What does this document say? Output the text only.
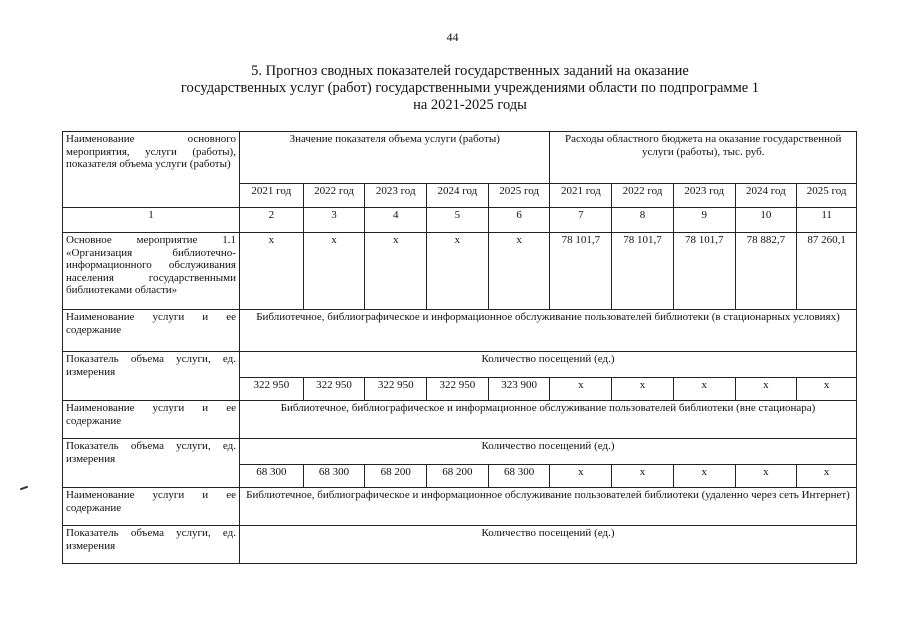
44
5. Прогноз сводных показателей государственных заданий на оказание
государственных услуг (работ) государственными учреждениями области по подпрограмме 1
на 2021-2025 годы
Наименование основного мероприятия, услуги (работы), показателя объема услуги (работы)	Значение показателя объема услуги (работы)					Расходы областного бюджета на оказание государственной услуги (работы), тыс. руб.				
	2021 год	2022 год	2023 год	2024 год	2025 год	2021 год	2022 год	2023 год	2024 год	2025 год
1	2	3	4	5	6	7	8	9	10	11
Основное мероприятие 1.1 «Организация библиотечно-информационного обслуживания населения государственными библиотеками области»	x	x	x	x	x	78 101,7	78 101,7	78 101,7	78 882,7	87 260,1
Наименование услуги и ее содержание	Библиотечное, библиографическое и информационное обслуживание пользователей библиотеки (в стационарных условиях)									
Показатель объема услуги, ед. измерения	Количество посещений (ед.)									
	322 950	322 950	322 950	322 950	323 900	x	x	x	x	x
Наименование услуги и ее содержание	Библиотечное, библиографическое и информационное обслуживание пользователей библиотеки (вне стационара)									
Показатель объема услуги, ед. измерения	Количество посещений (ед.)									
	68 300	68 300	68 200	68 200	68 300	x	x	x	x	x
Наименование услуги и ее содержание	Библиотечное, библиографическое и информационное обслуживание пользователей библиотеки (удаленно через сеть Интернет)									
Показатель объема услуги, ед. измерения	Количество посещений (ед.)									
